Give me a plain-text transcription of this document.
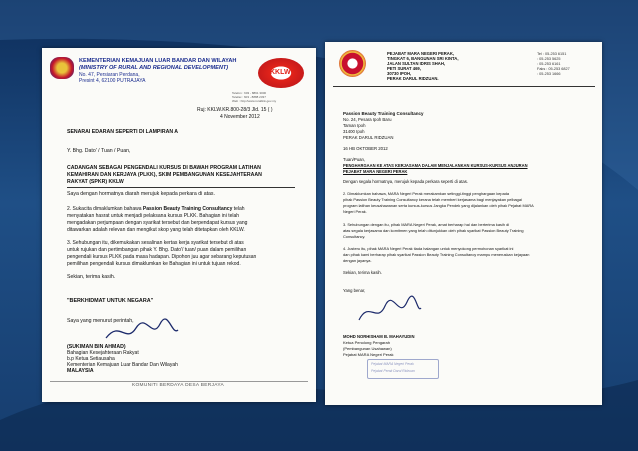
KEMENTERIAN KEMAJUAN LUAR BANDAR DAN WILAYAH
(MINISTRY OF RURAL AND REGIONAL DEVELOPMENT)
No. 47, Persiaran Perdana,
Presint 4, 62100 PUTRAJAYA
KKLW
Telefon : 603 - 8891 3000
Telefax : 603 - 8888 2337
Web : http://www.rurallink.gov.my
Ruj: KKLW.KR.800-28/3 Jld. 15 ( )
4 November 2012
SENARAI EDARAN SEPERTI DI LAMPIRAN A
Y. Bhg. Dato' / Tuan / Puan,
CADANGAN SEBAGAI PENGENDALI KURSUS DI BAWAH PROGRAM LATIHAN
KEMAHIRAN DAN KERJAYA (PLKK), SKIM PEMBANGUNAN KESEJAHTERAAN
RAKYAT (SPKR) KKLW
Saya dengan hormatnya diarah merujuk kepada perkara di atas.
2. Sukacita dimaklumkan bahawa Passion Beauty Training Consultancy telah
menyatakan hasrat untuk menjadi pelaksana kursus PLKK. Bahagian ini telah
mengadakan perjumpaan dengan syarikat tersebut dan berpendapat kursus yang
ditawarkan adalah relevan dan mengikut skop yang telah ditetapkan oleh KKLW.
3. Sehubungan itu, dikemukakan sesalinan kertas kerja syarikat tersebut di atas
untuk rujukan dan pertimbangan pihak Y. Bhg. Dato'/ tuan/ puan dalam pemilihan
pengendali kursus PLKK pada masa hadapan. Dipohon juu agar sebarang keputusan
pemilihan pengendali kursus dimaklumkan ke Bahagian ini untuk tujuan rekod.
Sekian, terima kasih.
"BERKHIDMAT UNTUK NEGARA"
Saya yang menurut perintah,
(SUKIMAN BIN AHMAD)
Bahagian Kesejahteraan Rakyat
b.p Ketua Setiausaha
Kementerian Kemajuan Luar Bandar Dan Wilayah
MALAYSIA
KOMUNITI BERDAYA DESA BERJAYA
PEJABAT MARA NEGERI PERAK,
TINGKAT 6, BANGUNAN SRI KINTA,
JALAN SULTAN IDRIS SHAH,
PETI SURAT 469,
30730 IPOH,
PERAK DARUL RIDZUAN.
Tel : 05-253 6151
: 05-253 5625
: 05-253 6161
Faks : 05-253 6827
: 05-253 1666
Passion Beauty Training Consultancy
No. 24, Pesara Ipoh Baru
Taman Ipoh
31400 Ipoh
PERAK DARUL RIDZUAN
16 HB OKTOBER 2012
Tuan/Puan,
PENGHARGAAN KE ATAS KERJASAMA DALAM MENJALANKAN KURSUS-KURSUS ANJURAN
PEJABAT MARA NEGERI PERAK
Dengan segala hormatnya, merujuk kepada perkara seperti di atas.
2. Dimaklumkan bahawa, MARA Negeri Perak merakamkan setinggi-tinggi penghargaan kepada
pihak Passion Beauty Training Consultancy kerana telah memberi kerjasama bagi menjayakan pelbagai
program latihan keusahawanan serta kursus-kursus Jangka Pendek yang dijalankan oleh pihak Pejabat MARA
Negeri Perak.
3. Sehubungan dengan itu, pihak MARA Negeri Perak, amat berharap hal dan berterima kasih di
atas segala kerjasama dan komitmen yang telah ditunjukkan oleh pihak syarikat Passion Beauty Training
Consultancy.
4. Justeru itu, pihak MARA Negeri Perak tiada halangan untuk menyokong permohonan syarikat ini
dan pihak kami berharap pihak syarikat Passion Beauty Training Consultancy mampu meneruskan kejayaan
dengan jayanya.
Sekian, terima kasih.
Yang benar,
MOHD NORHISHAM B. MAHAYUDIN
Ketua Penolong Pengarah
(Pembangunan Usahawan)
Pejabat MARA Negeri Perak
Pejabat MARA Negeri Perak
Pejabat Perak Darul Ridzuan
